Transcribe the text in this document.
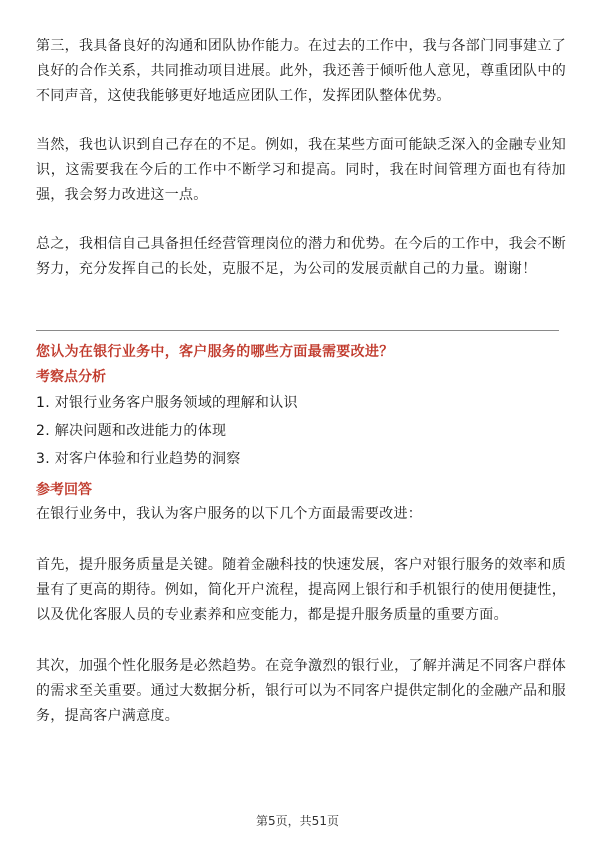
第三，我具备良好的沟通和团队协作能力。在过去的工作中，我与各部门同事建立了良好的合作关系，共同推动项目进展。此外，我还善于倾听他人意见，尊重团队中的不同声音，这使我能够更好地适应团队工作，发挥团队整体优势。

当然，我也认识到自己存在的不足。例如，我在某些方面可能缺乏深入的金融专业知识，这需要我在今后的工作中不断学习和提高。同时，我在时间管理方面也有待加强，我会努力改进这一点。

总之，我相信自己具备担任经营管理岗位的潜力和优势。在今后的工作中，我会不断努力，充分发挥自己的长处，克服不足，为公司的发展贡献自己的力量。谢谢！

您认为在银行业务中，客户服务的哪些方面最需要改进？

考察点分析

1. 对银行业务客户服务领域的理解和认识

2. 解决问题和改进能力的体现

3. 对客户体验和行业趋势的洞察

参考回答

在银行业务中，我认为客户服务的以下几个方面最需要改进：

首先，提升服务质量是关键。随着金融科技的快速发展，客户对银行服务的效率和质量有了更高的期待。例如，简化开户流程，提高网上银行和手机银行的使用便捷性，以及优化客服人员的专业素养和应变能力，都是提升服务质量的重要方面。

其次，加强个性化服务是必然趋势。在竞争激烈的银行业，了解并满足不同客户群体的需求至关重要。通过大数据分析，银行可以为不同客户提供定制化的金融产品和服务，提高客户满意度。

第5页，共51页
